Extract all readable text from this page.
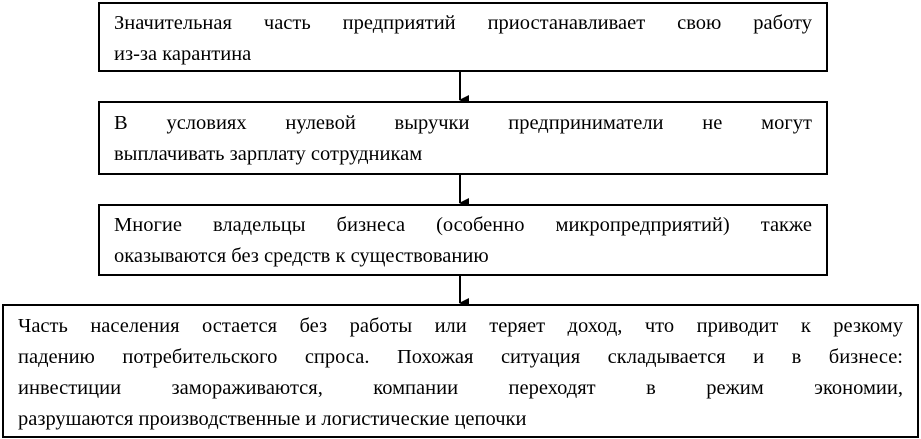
Значительная часть предприятий приостанавливает свою работу
из-за карантина
В условиях нулевой выручки предприниматели не могут
выплачивать зарплату сотрудникам
Многие владельцы бизнеса (особенно микропредприятий) также
оказываются без средств к существованию
Часть населения остается без работы или теряет доход, что приводит к резкому
падению потребительского спроса. Похожая ситуация складывается и в бизнесе:
инвестиции замораживаются, компании переходят в режим экономии,
разрушаются производственные и логистические цепочки
